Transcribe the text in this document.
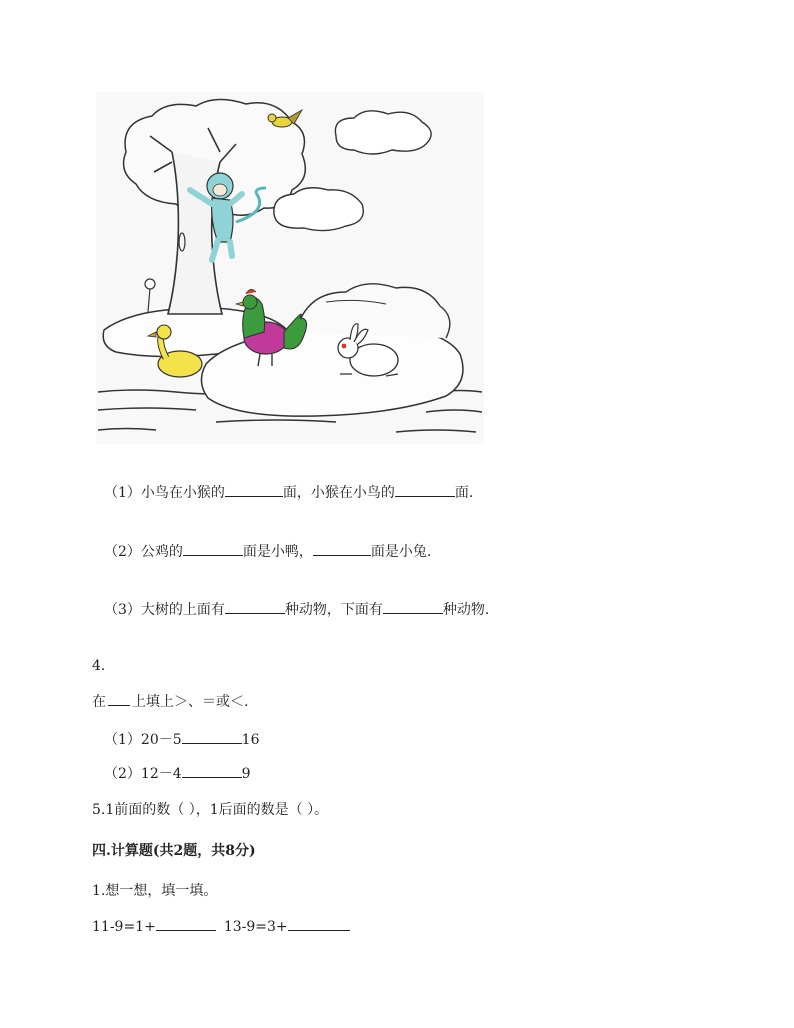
（1）小鸟在小猴的	面，小猴在小鸟的	面.
（2）公鸡的	面是小鸭，	面是小兔.
（3）大树的上面有	种动物，下面有	种动物.
4.
在 上填上＞、＝或＜.
（1）20－5	16
（2）12－4	9
5.1前面的数（ ），1后面的数是（ ）。
四.计算题(共2题，共8分)
1.想一想，填一填。
11-9=1+	13-9=3+
